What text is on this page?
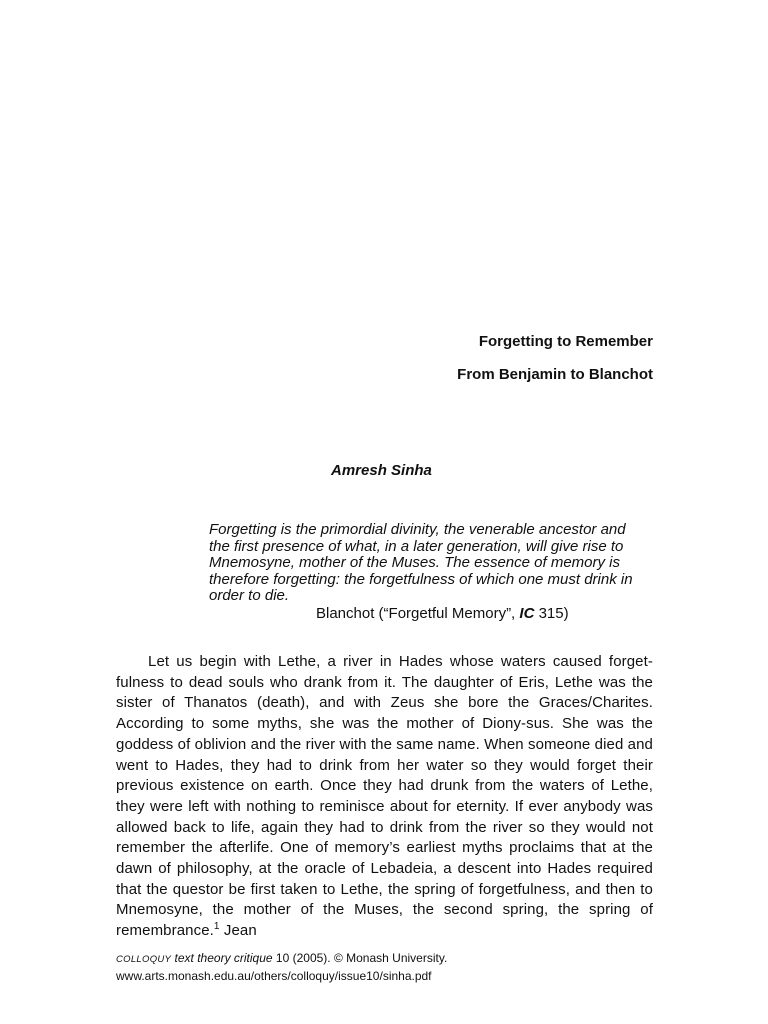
Forgetting to Remember
From Benjamin to Blanchot
Amresh Sinha
Forgetting is the primordial divinity, the venerable ancestor and the first presence of what, in a later generation, will give rise to Mnemosyne, mother of the Muses. The essence of memory is therefore forgetting: the forgetfulness of which one must drink in order to die.
Blanchot (“Forgetful Memory”, IC 315)

Let us begin with Lethe, a river in Hades whose waters caused forget-fulness to dead souls who drank from it. The daughter of Eris, Lethe was the sister of Thanatos (death), and with Zeus she bore the Graces/Charites. According to some myths, she was the mother of Diony-sus. She was the goddess of oblivion and the river with the same name. When someone died and went to Hades, they had to drink from her water so they would forget their previous existence on earth. Once they had drunk from the waters of Lethe, they were left with nothing to reminisce about for eternity. If ever anybody was allowed back to life, again they had to drink from the river so they would not remember the afterlife. One of memory’s earliest myths proclaims that at the dawn of philosophy, at the oracle of Lebadeia, a descent into Hades required that the questor be first taken to Lethe, the spring of forgetfulness, and then to Mnemosyne, the mother of the Muses, the second spring, the spring of remembrance.$^1$ Jean

COLLOQUY text theory critique 10 (2005). © Monash University.
www.arts.monash.edu.au/others/colloquy/issue10/sinha.pdf
